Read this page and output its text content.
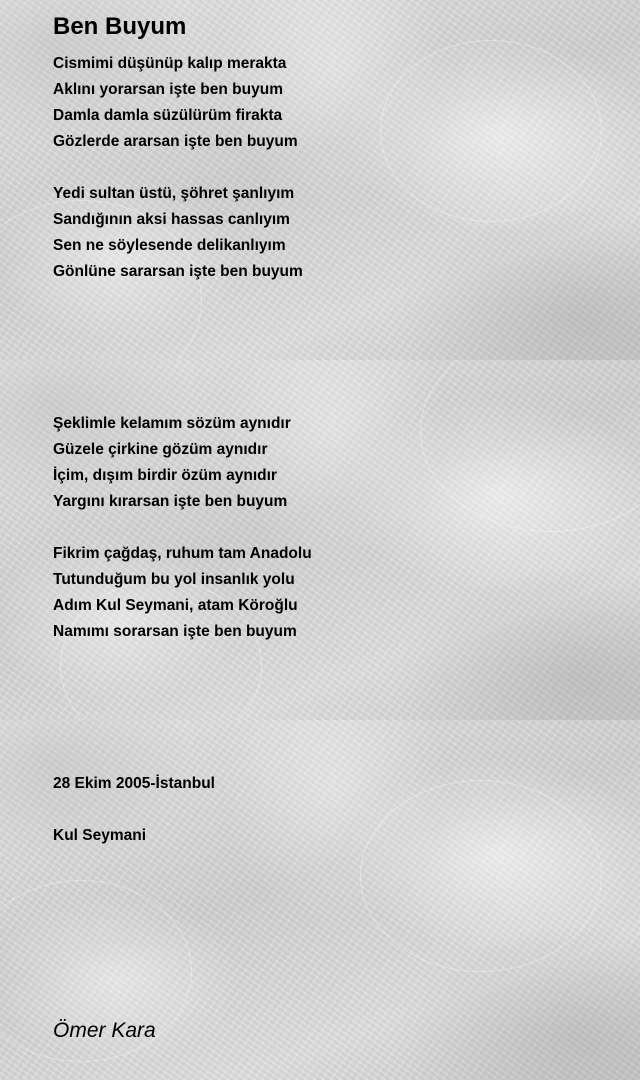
Ben Buyum
Cismimi düşünüp kalıp merakta
Aklını yorarsan işte ben buyum
Damla damla süzülürüm firakta
Gözlerde ararsan işte ben buyum
Yedi sultan üstü, şöhret şanlıyım
Sandığının aksi hassas canlıyım
Sen ne söylesende delikanlıyım
Gönlüne sararsan işte ben buyum
Şeklimle kelamım sözüm aynıdır
Güzele çirkine gözüm aynıdır
İçim, dışım birdir özüm aynıdır
Yargını kırarsan işte ben buyum
Fikrim çağdaş, ruhum tam Anadolu
Tutunduğum bu yol insanlık yolu
Adım Kul Seymani, atam Köroğlu
Namımı sorarsan işte ben buyum

28 Ekim 2005-İstanbul

Kul Seymani

Ömer Kara
